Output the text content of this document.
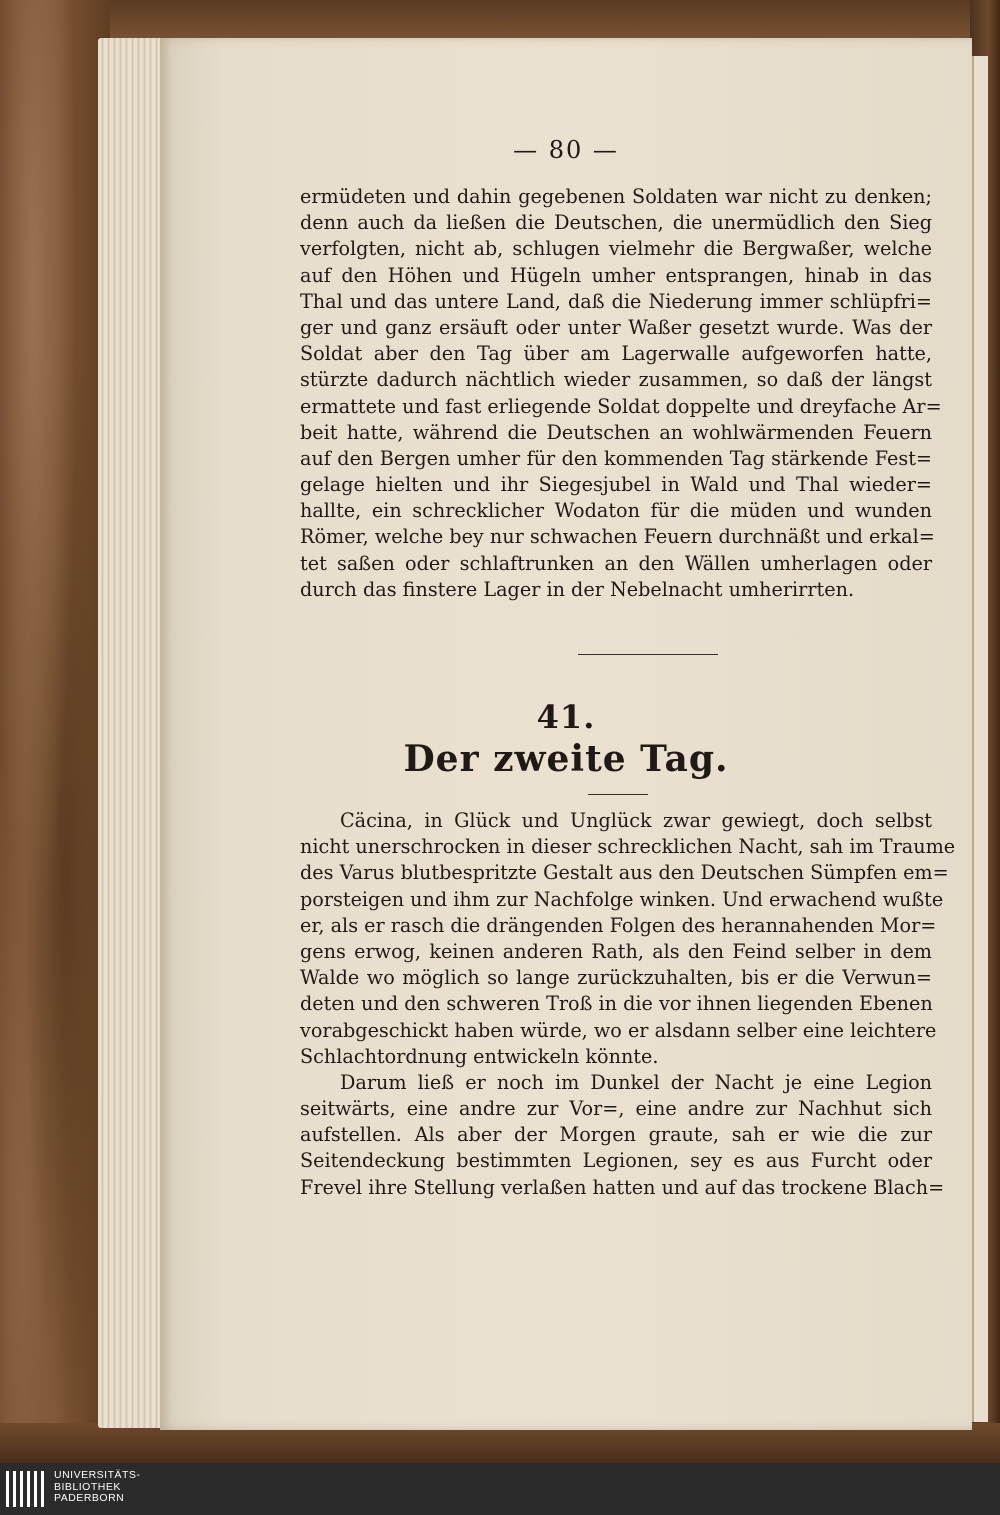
— 80 —
ermüdeten und dahin gegebenen Soldaten war nicht zu denken;
denn auch da ließen die Deutschen, die unermüdlich den Sieg
verfolgten, nicht ab, schlugen vielmehr die Bergwaßer, welche
auf den Höhen und Hügeln umher entsprangen, hinab in das
Thal und das untere Land, daß die Niederung immer schlüpfri=
ger und ganz ersäuft oder unter Waßer gesetzt wurde. Was der
Soldat aber den Tag über am Lagerwalle aufgeworfen hatte,
stürzte dadurch nächtlich wieder zusammen, so daß der längst
ermattete und fast erliegende Soldat doppelte und dreyfache Ar=
beit hatte, während die Deutschen an wohlwärmenden Feuern
auf den Bergen umher für den kommenden Tag stärkende Fest=
gelage hielten und ihr Siegesjubel in Wald und Thal wieder=
hallte, ein schrecklicher Wodaton für die müden und wunden
Römer, welche bey nur schwachen Feuern durchnäßt und erkal=
tet saßen oder schlaftrunken an den Wällen umherlagen oder
durch das finstere Lager in der Nebelnacht umherirrten.
41.
Der zweite Tag.
Cäcina, in Glück und Unglück zwar gewiegt, doch selbst
nicht unerschrocken in dieser schrecklichen Nacht, sah im Traume
des Varus blutbespritzte Gestalt aus den Deutschen Sümpfen em=
porsteigen und ihm zur Nachfolge winken. Und erwachend wußte
er, als er rasch die drängenden Folgen des herannahenden Mor=
gens erwog, keinen anderen Rath, als den Feind selber in dem
Walde wo möglich so lange zurückzuhalten, bis er die Verwun=
deten und den schweren Troß in die vor ihnen liegenden Ebenen
vorabgeschickt haben würde, wo er alsdann selber eine leichtere
Schlachtordnung entwickeln könnte.
Darum ließ er noch im Dunkel der Nacht je eine Legion
seitwärts, eine andre zur Vor=, eine andre zur Nachhut sich
aufstellen. Als aber der Morgen graute, sah er wie die zur
Seitendeckung bestimmten Legionen, sey es aus Furcht oder
Frevel ihre Stellung verlaßen hatten und auf das trockene Blach=
UNIVERSITÄTS-
BIBLIOTHEK
PADERBORN
